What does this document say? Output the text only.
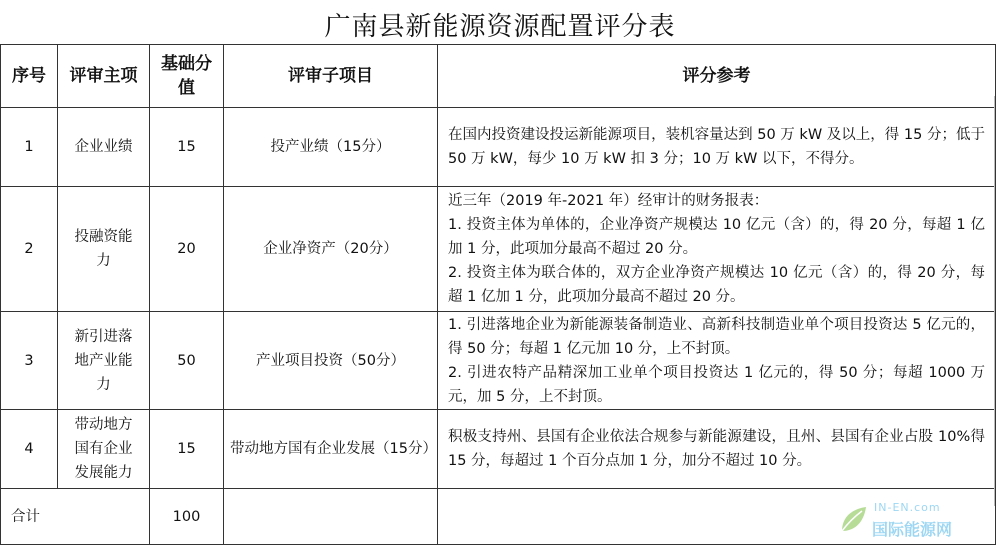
广南县新能源资源配置评分表
序号	评审主项	基础分值	评审子项目	评分参考
1	企业业绩	15	投产业绩（15分）	在国内投资建设投运新能源项目，装机容量达到 50 万 kW 及以上，得 15 分；低于 50 万 kW，每少 10 万 kW 扣 3 分；10 万 kW 以下，不得分。

2	投融资能力	20	企业净资产（20分）	近三年（2019 年-2021 年）经审计的财务报表：
1. 投资主体为单体的，企业净资产规模达 10 亿元（含）的，得 20 分，每超 1 亿加 1 分，此项加分最高不超过 20 分。
2. 投资主体为联合体的，双方企业净资产规模达 10 亿元（含）的，得 20 分，每超 1 亿加 1 分，此项加分最高不超过 20 分。

3	新引进落地产业能力	50	产业项目投资（50分）	1. 引进落地企业为新能源装备制造业、高新科技制造业单个项目投资达 5 亿元的，得 50 分；每超 1 亿元加 10 分，上不封顶。
2. 引进农特产品精深加工业单个项目投资达 1 亿元的，得 50 分；每超 1000 万元，加 5 分，上不封顶。

4	带动地方国有企业发展能力	15	带动地方国有企业发展（15分）	积极支持州、县国有企业依法合规参与新能源建设，且州、县国有企业占股 10%得 15 分，每超过 1 个百分点加 1 分，加分不超过 10 分。

合计		100		
IN-EN.com
国际能源网
